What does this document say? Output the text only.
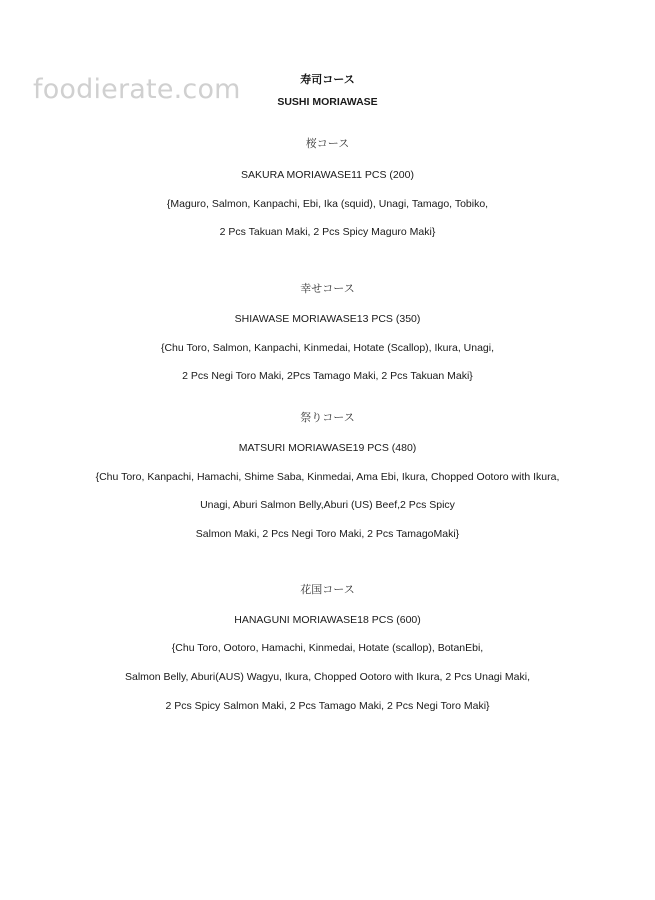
foodierate.com	寿司コース
SUSHI MORIAWASE
桜コース
SAKURA MORIAWASE11 PCS (200)
{Maguro, Salmon, Kanpachi, Ebi, Ika (squid), Unagi, Tamago, Tobiko,
2 Pcs Takuan Maki, 2 Pcs Spicy Maguro Maki}
幸せコース
SHIAWASE MORIAWASE13 PCS (350)
{Chu Toro, Salmon, Kanpachi, Kinmedai, Hotate (Scallop), Ikura, Unagi,
2 Pcs Negi Toro Maki, 2Pcs Tamago Maki, 2 Pcs Takuan Maki}
祭りコース
MATSURI MORIAWASE19 PCS (480)
{Chu Toro, Kanpachi, Hamachi, Shime Saba, Kinmedai, Ama Ebi, Ikura, Chopped Ootoro with Ikura,
Unagi, Aburi Salmon Belly,Aburi (US) Beef,2 Pcs Spicy
Salmon Maki, 2 Pcs Negi Toro Maki, 2 Pcs TamagoMaki}
花国コース
HANAGUNI MORIAWASE18 PCS (600)
{Chu Toro, Ootoro, Hamachi, Kinmedai, Hotate (scallop), BotanEbi,
Salmon Belly, Aburi(AUS) Wagyu, Ikura, Chopped Ootoro with Ikura, 2 Pcs Unagi Maki,
2 Pcs Spicy Salmon Maki, 2 Pcs Tamago Maki, 2 Pcs Negi Toro Maki}
